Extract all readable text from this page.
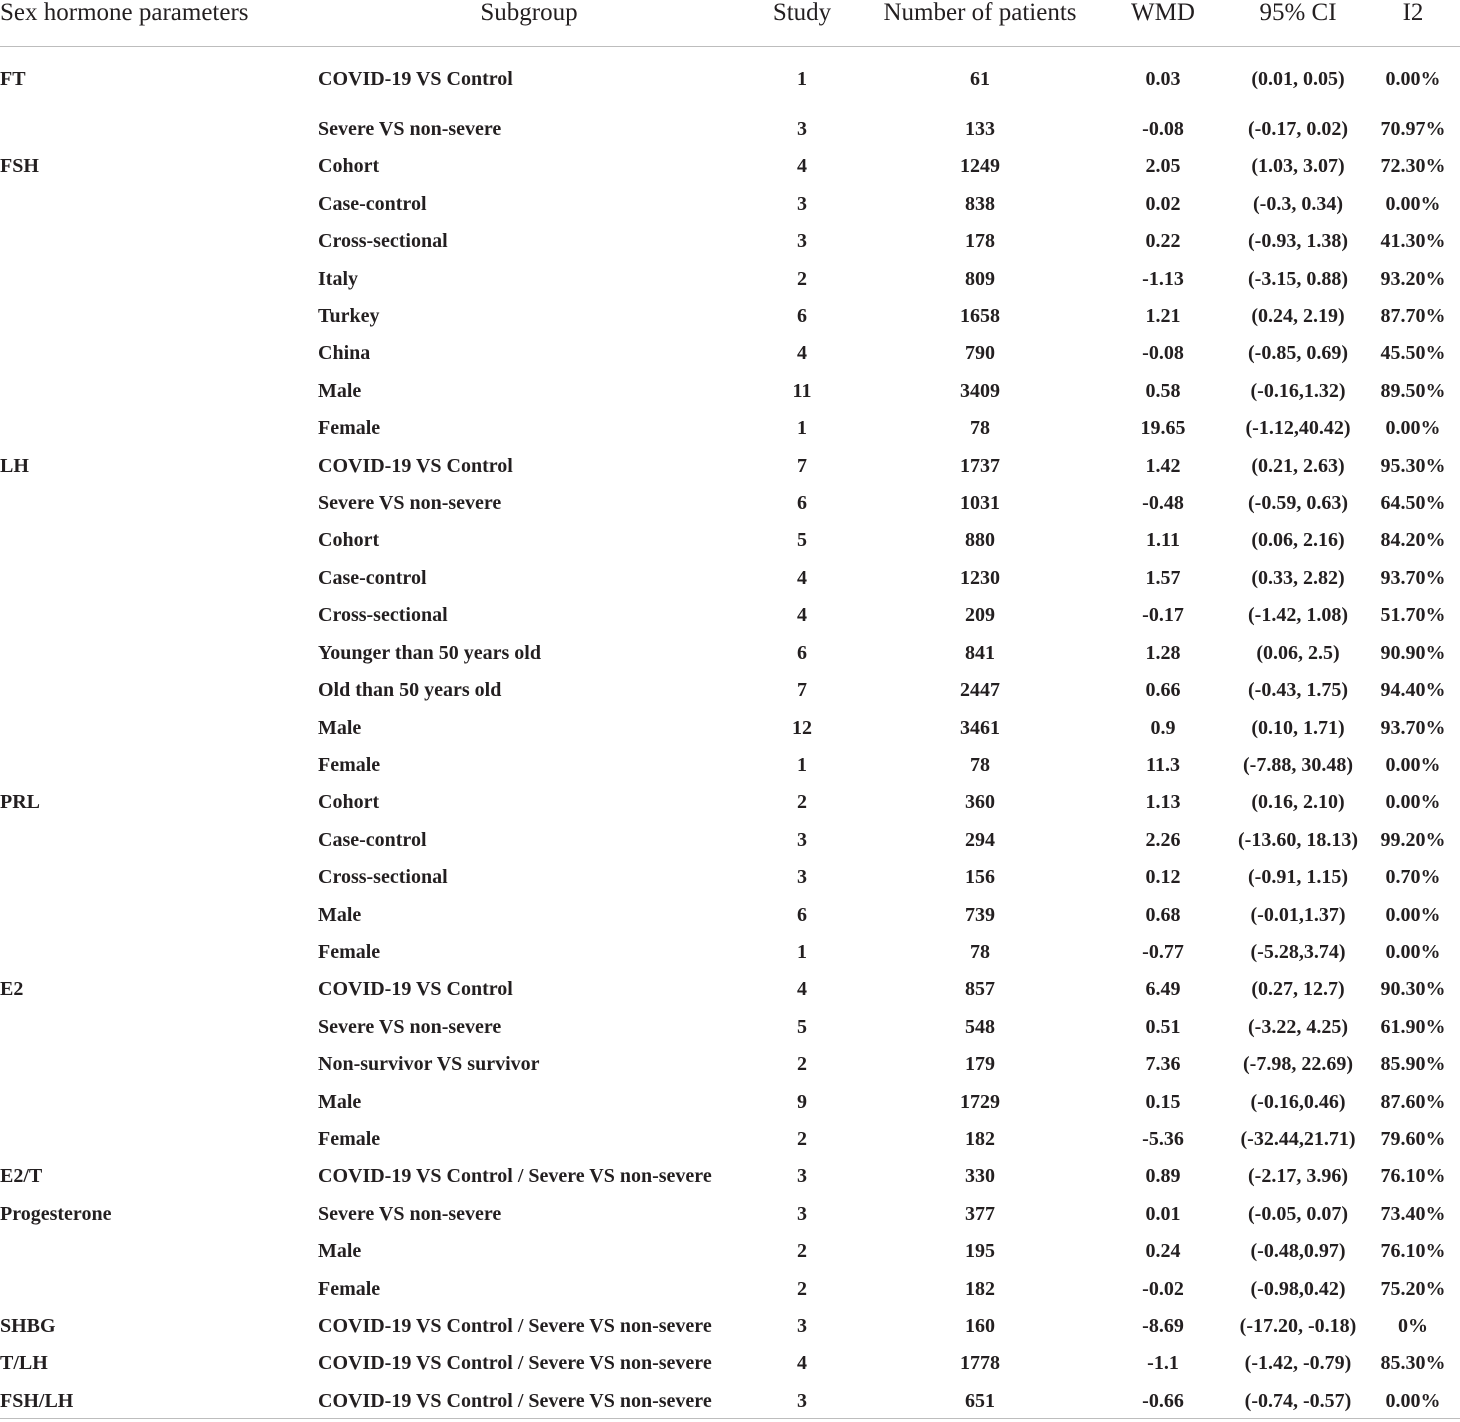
Sex hormone parameters	Subgroup	Study	Number of patients	WMD	95% CI	I2
FT	COVID-19 VS Control	1	61	0.03	(0.01, 0.05)	0.00%
	Severe VS non-severe	3	133	-0.08	(-0.17, 0.02)	70.97%
FSH	Cohort	4	1249	2.05	(1.03, 3.07)	72.30%
	Case-control	3	838	0.02	(-0.3, 0.34)	0.00%
	Cross-sectional	3	178	0.22	(-0.93, 1.38)	41.30%
	Italy	2	809	-1.13	(-3.15, 0.88)	93.20%
	Turkey	6	1658	1.21	(0.24, 2.19)	87.70%
	China	4	790	-0.08	(-0.85, 0.69)	45.50%
	Male	11	3409	0.58	(-0.16,1.32)	89.50%
	Female	1	78	19.65	(-1.12,40.42)	0.00%
LH	COVID-19 VS Control	7	1737	1.42	(0.21, 2.63)	95.30%
	Severe VS non-severe	6	1031	-0.48	(-0.59, 0.63)	64.50%
	Cohort	5	880	1.11	(0.06, 2.16)	84.20%
	Case-control	4	1230	1.57	(0.33, 2.82)	93.70%
	Cross-sectional	4	209	-0.17	(-1.42, 1.08)	51.70%
	Younger than 50 years old	6	841	1.28	(0.06, 2.5)	90.90%
	Old than 50 years old	7	2447	0.66	(-0.43, 1.75)	94.40%
	Male	12	3461	0.9	(0.10, 1.71)	93.70%
	Female	1	78	11.3	(-7.88, 30.48)	0.00%
PRL	Cohort	2	360	1.13	(0.16, 2.10)	0.00%
	Case-control	3	294	2.26	(-13.60, 18.13)	99.20%
	Cross-sectional	3	156	0.12	(-0.91, 1.15)	0.70%
	Male	6	739	0.68	(-0.01,1.37)	0.00%
	Female	1	78	-0.77	(-5.28,3.74)	0.00%
E2	COVID-19 VS Control	4	857	6.49	(0.27, 12.7)	90.30%
	Severe VS non-severe	5	548	0.51	(-3.22, 4.25)	61.90%
	Non-survivor VS survivor	2	179	7.36	(-7.98, 22.69)	85.90%
	Male	9	1729	0.15	(-0.16,0.46)	87.60%
	Female	2	182	-5.36	(-32.44,21.71)	79.60%
E2/T	COVID-19 VS Control / Severe VS non-severe	3	330	0.89	(-2.17, 3.96)	76.10%
Progesterone	Severe VS non-severe	3	377	0.01	(-0.05, 0.07)	73.40%
	Male	2	195	0.24	(-0.48,0.97)	76.10%
	Female	2	182	-0.02	(-0.98,0.42)	75.20%
SHBG	COVID-19 VS Control / Severe VS non-severe	3	160	-8.69	(-17.20, -0.18)	0%
T/LH	COVID-19 VS Control / Severe VS non-severe	4	1778	-1.1	(-1.42, -0.79)	85.30%
FSH/LH	COVID-19 VS Control / Severe VS non-severe	3	651	-0.66	(-0.74, -0.57)	0.00%
